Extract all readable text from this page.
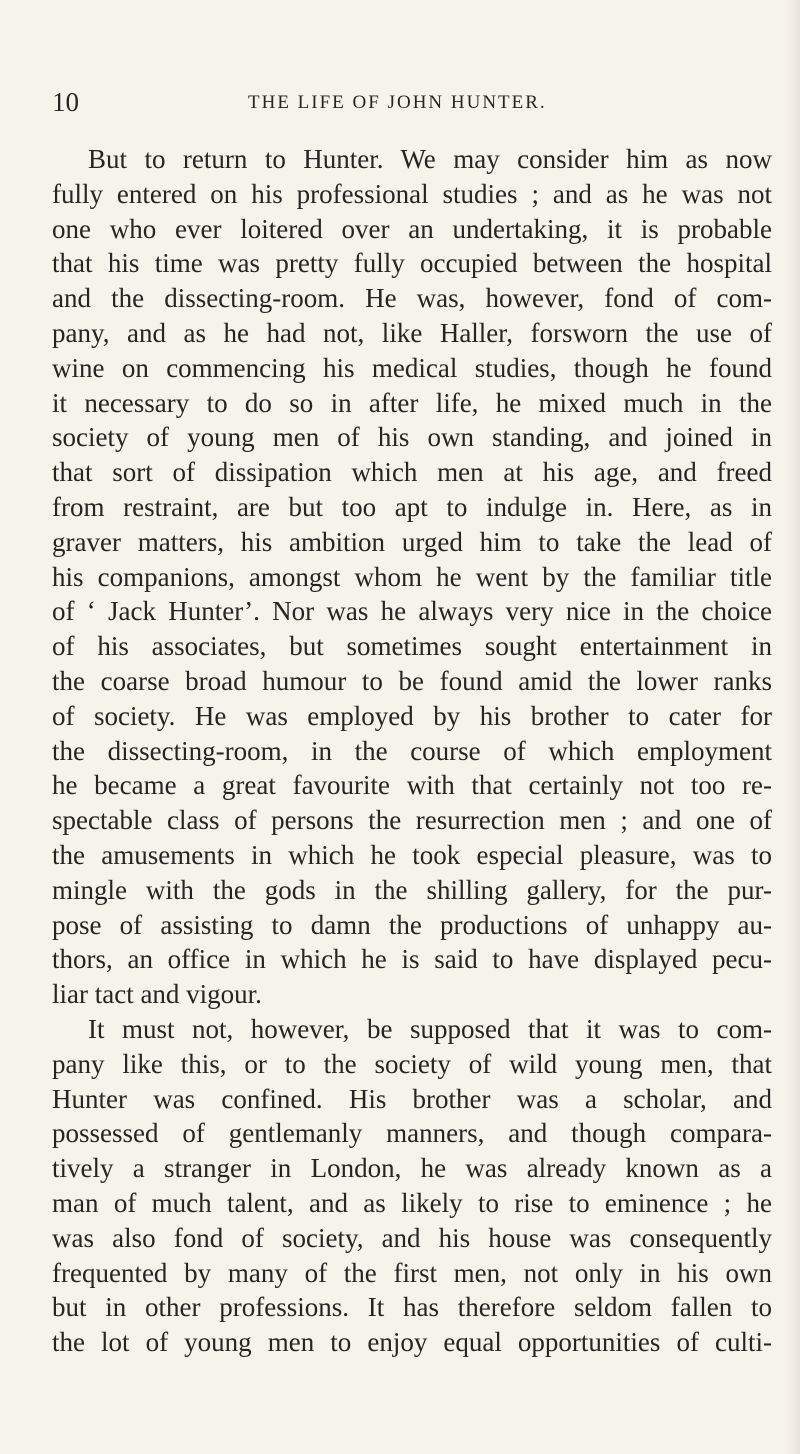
10	THE LIFE OF JOHN HUNTER.
But to return to Hunter. We may consider him as now
fully entered on his professional studies ; and as he was not
one who ever loitered over an undertaking, it is probable
that his time was pretty fully occupied between the hospital
and the dissecting-room. He was, however, fond of com-
pany, and as he had not, like Haller, forsworn the use of
wine on commencing his medical studies, though he found
it necessary to do so in after life, he mixed much in the
society of young men of his own standing, and joined in
that sort of dissipation which men at his age, and freed
from restraint, are but too apt to indulge in. Here, as in
graver matters, his ambition urged him to take the lead of
his companions, amongst whom he went by the familiar title
of ‘ Jack Hunter’. Nor was he always very nice in the choice
of his associates, but sometimes sought entertainment in
the coarse broad humour to be found amid the lower ranks
of society. He was employed by his brother to cater for
the dissecting-room, in the course of which employment
he became a great favourite with that certainly not too re-
spectable class of persons the resurrection men ; and one of
the amusements in which he took especial pleasure, was to
mingle with the gods in the shilling gallery, for the pur-
pose of assisting to damn the productions of unhappy au-
thors, an office in which he is said to have displayed pecu-
liar tact and vigour.
It must not, however, be supposed that it was to com-
pany like this, or to the society of wild young men, that
Hunter was confined. His brother was a scholar, and
possessed of gentlemanly manners, and though compara-
tively a stranger in London, he was already known as a
man of much talent, and as likely to rise to eminence ; he
was also fond of society, and his house was consequently
frequented by many of the first men, not only in his own
but in other professions. It has therefore seldom fallen to
the lot of young men to enjoy equal opportunities of culti-
